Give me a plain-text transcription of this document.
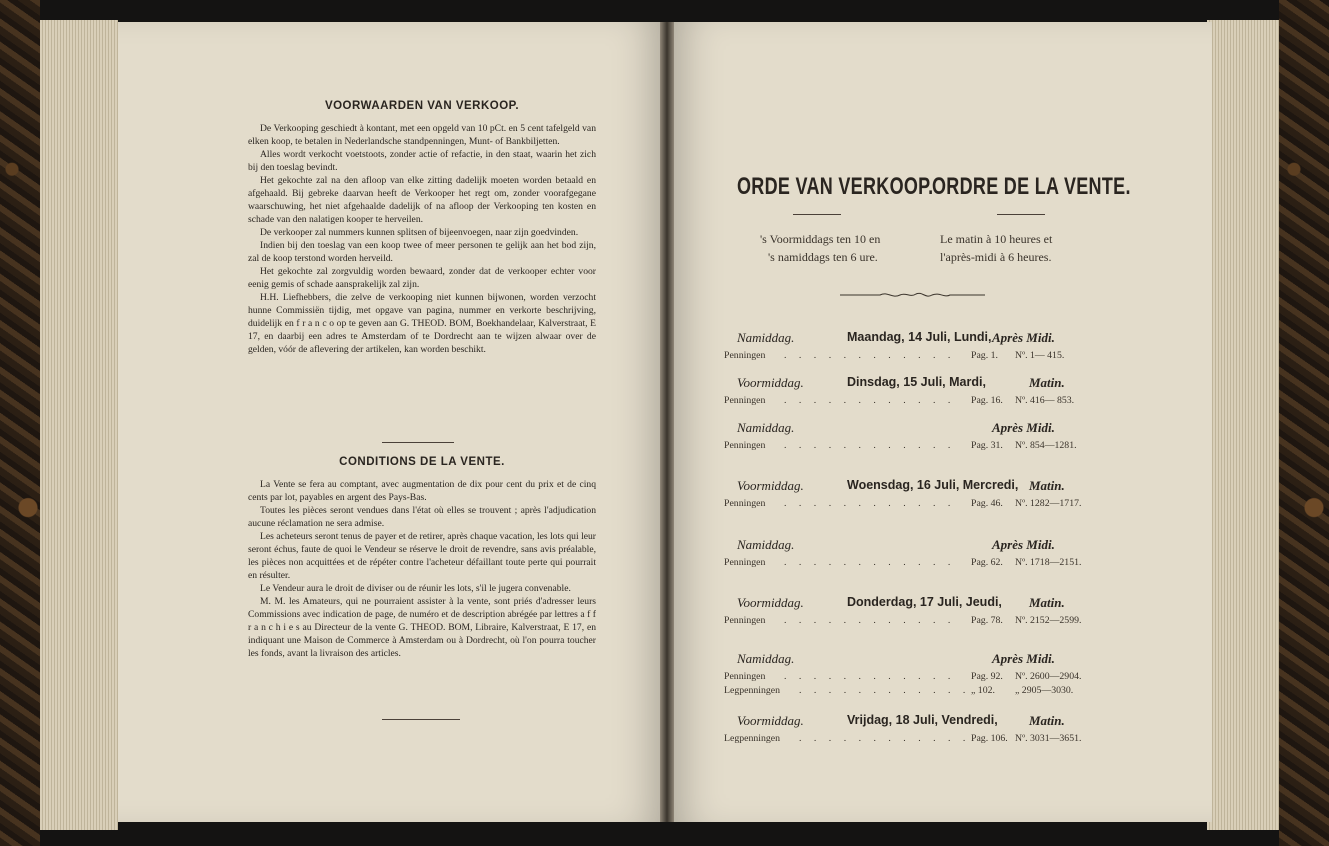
VOORWAARDEN VAN VERKOOP.

De Verkooping geschiedt à kontant, met een opgeld van 10 pCt. en 5 cent tafelgeld van elken koop, te betalen in Nederlandsche standpenningen, Munt- of Bankbiljetten.

Alles wordt verkocht voetstoots, zonder actie of refactie, in den staat, waarin het zich bij den toeslag bevindt.

Het gekochte zal na den afloop van elke zitting dadelijk moeten worden betaald en afgehaald. Bij gebreke daarvan heeft de Verkooper het regt om, zonder voorafgegane waarschuwing, het niet afgehaalde dadelijk of na afloop der Verkooping ten kosten en schade van den nalatigen kooper te herveilen.

De verkooper zal nummers kunnen splitsen of bijeenvoegen, naar zijn goedvinden.

Indien bij den toeslag van een koop twee of meer personen te gelijk aan het bod zijn, zal de koop terstond worden herveild.

Het gekochte zal zorgvuldig worden bewaard, zonder dat de verkooper echter voor eenig gemis of schade aansprakelijk zal zijn.

H.H. Liefhebbers, die zelve de verkooping niet kunnen bijwonen, worden verzocht hunne Commissiën tijdig, met opgave van pagina, nummer en verkorte beschrijving, duidelijk en f r a n c o op te geven aan G. THEOD. BOM, Boekhandelaar, Kalverstraat, E 17, en daarbij een adres te Amsterdam of te Dordrecht aan te wijzen alwaar over de gelden, vóór de aflevering der artikelen, kan worden beschikt.

CONDITIONS DE LA VENTE.

La Vente se fera au comptant, avec augmentation de dix pour cent du prix et de cinq cents par lot, payables en argent des Pays-Bas.

Toutes les pièces seront vendues dans l'état où elles se trouvent ; après l'adjudication aucune réclamation ne sera admise.

Les acheteurs seront tenus de payer et de retirer, après chaque vacation, les lots qui leur seront échus, faute de quoi le Vendeur se réserve le droit de revendre, sans avis préalable, les pièces non acquittées et de répéter contre l'acheteur défaillant toute perte qui pourrait en résulter.

Le Vendeur aura le droit de diviser ou de réunir les lots, s'il le jugera convenable.

M. M. les Amateurs, qui ne pourraient assister à la vente, sont priés d'adresser leurs Commissions avec indication de page, de numéro et de description abrégée par lettres a f f r a n c h i e s au Directeur de la vente G. THEOD. BOM, Libraire, Kalverstraat, E 17, en indiquant une Maison de Commerce à Amsterdam ou à Dordrecht, où l'on pourra toucher les fonds, avant la livraison des articles.

ORDE VAN VERKOOP.
ORDRE DE LA VENTE.
's Voormiddags ten 10 en
's namiddags ten 6 ure.
Le matin à 10 heures et
l'après-midi à 6 heures.
Namiddag.	Maandag, 14 Juli, Lundi, Après Midi.
Penningen . . . . . . . . . . . . Pag. 1. Nº. 1— 415.
Voormiddag.	Dinsdag, 15 Juli, Mardi,	Matin.
Penningen . . . . . . . . . . . . Pag. 16. Nº. 416— 853.
Namiddag.	Après Midi.
Penningen . . . . . . . . . . . . Pag. 31. Nº. 854—1281.
Voormiddag.	Woensdag, 16 Juli, Mercredi, Matin.
Penningen . . . . . . . . . . . . Pag. 46. Nº. 1282—1717.
Namiddag.	Après Midi.
Penningen . . . . . . . . . . . . Pag. 62. Nº. 1718—2151.
Voormiddag.	Donderdag, 17 Juli, Jeudi, Matin.
Penningen . . . . . . . . . . . . Pag. 78. Nº. 2152—2599.
Namiddag.	Après Midi.
Penningen . . . . . . . . . . . . Pag. 92. Nº. 2600—2904.
Legpenningen . . . . . . . . . . . . „ 102. „ 2905—3030.
Voormiddag.	Vrijdag, 18 Juli, Vendredi, Matin.
Legpenningen . . . . . . . . . . . . Pag. 106. Nº. 3031—3651.
